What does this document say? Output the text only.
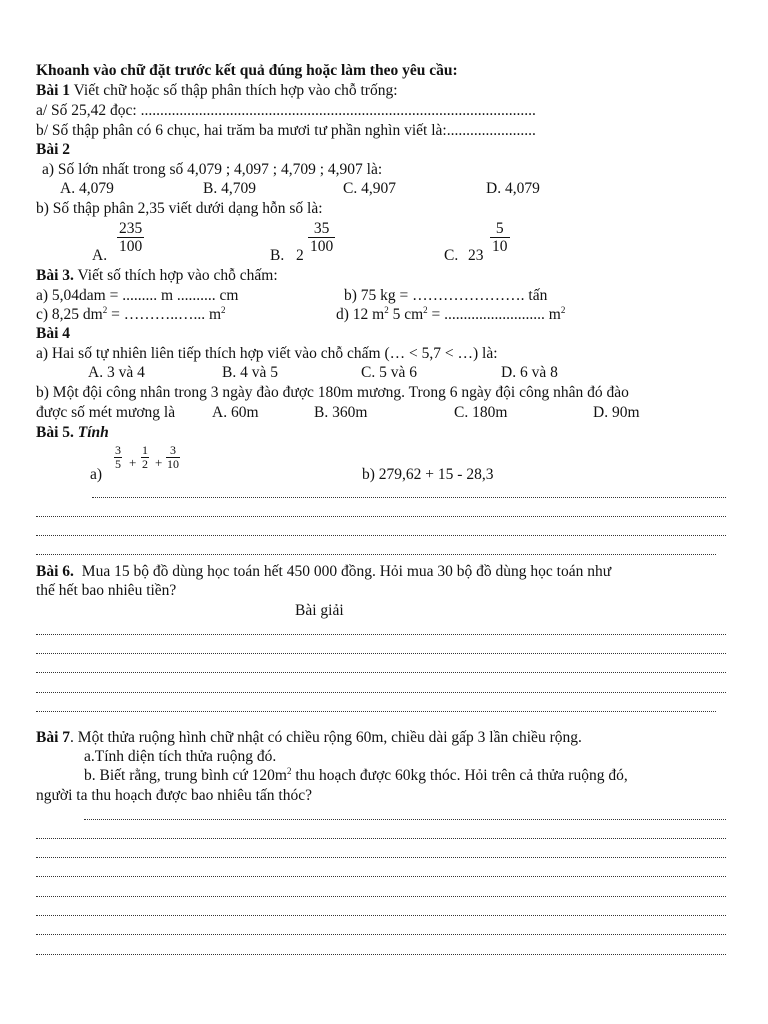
Khoanh vào chữ đặt trước kết quả đúng hoặc làm theo yêu cầu:
Bài 1 Viết chữ hoặc số thập phân thích hợp vào chỗ trống:
a/ Số 25,42 đọc: ......................................................................................................
b/ Số thập phân có 6 chục, hai trăm ba mươi tư phần nghìn viết là:.......................
Bài 2
a) Số lớn nhất trong số 4,079 ; 4,097 ; 4,709 ; 4,907 là:
A. 4,079	B. 4,709	C. 4,907	D. 4,079
b) Số thập phân 2,35 viết dưới dạng hỗn số là:
A.
$\frac{235}{100}$
B. 2
$\frac{35}{100}$
C. 23
$\frac{5}{10}$
Bài 3. Viết số thích hợp vào chỗ chấm:
a) 5,04dam = ......... m .......... cm	b) 75 kg = …………………. tấn
c) 8,25 $dm^2$ = ………..…... $m^2$	d) 12 $m^2$ 5 $cm^2$ = .......................... $m^2$
Bài 4
a) Hai số tự nhiên liên tiếp thích hợp viết vào chỗ chấm (… < 5,7 < …) là:
A. 3 và 4	B. 4 và 5	C. 5 và 6	D. 6 và 8
b) Một đội công nhân trong 3 ngày đào được 180m mương. Trong 6 ngày đội công nhân đó đào
được số mét mương là A. 60m	B. 360m	C. 180m	D. 90m
Bài 5. Tính
a)
$\frac{3}{5} + \frac{1}{2} + \frac{3}{10}$
b) 279,62 + 15 - 28,3
Bài 6. Mua 15 bộ đồ dùng học toán hết 450 000 đồng. Hỏi mua 30 bộ đồ dùng học toán như
thế hết bao nhiêu tiền?
Bài giải
Bài 7. Một thửa ruộng hình chữ nhật có chiều rộng 60m, chiều dài gấp 3 lần chiều rộng.
a.Tính diện tích thửa ruộng đó.
b. Biết rằng, trung bình cứ $120m^2$ thu hoạch được 60kg thóc. Hỏi trên cả thửa ruộng đó,
người ta thu hoạch được bao nhiêu tấn thóc?
